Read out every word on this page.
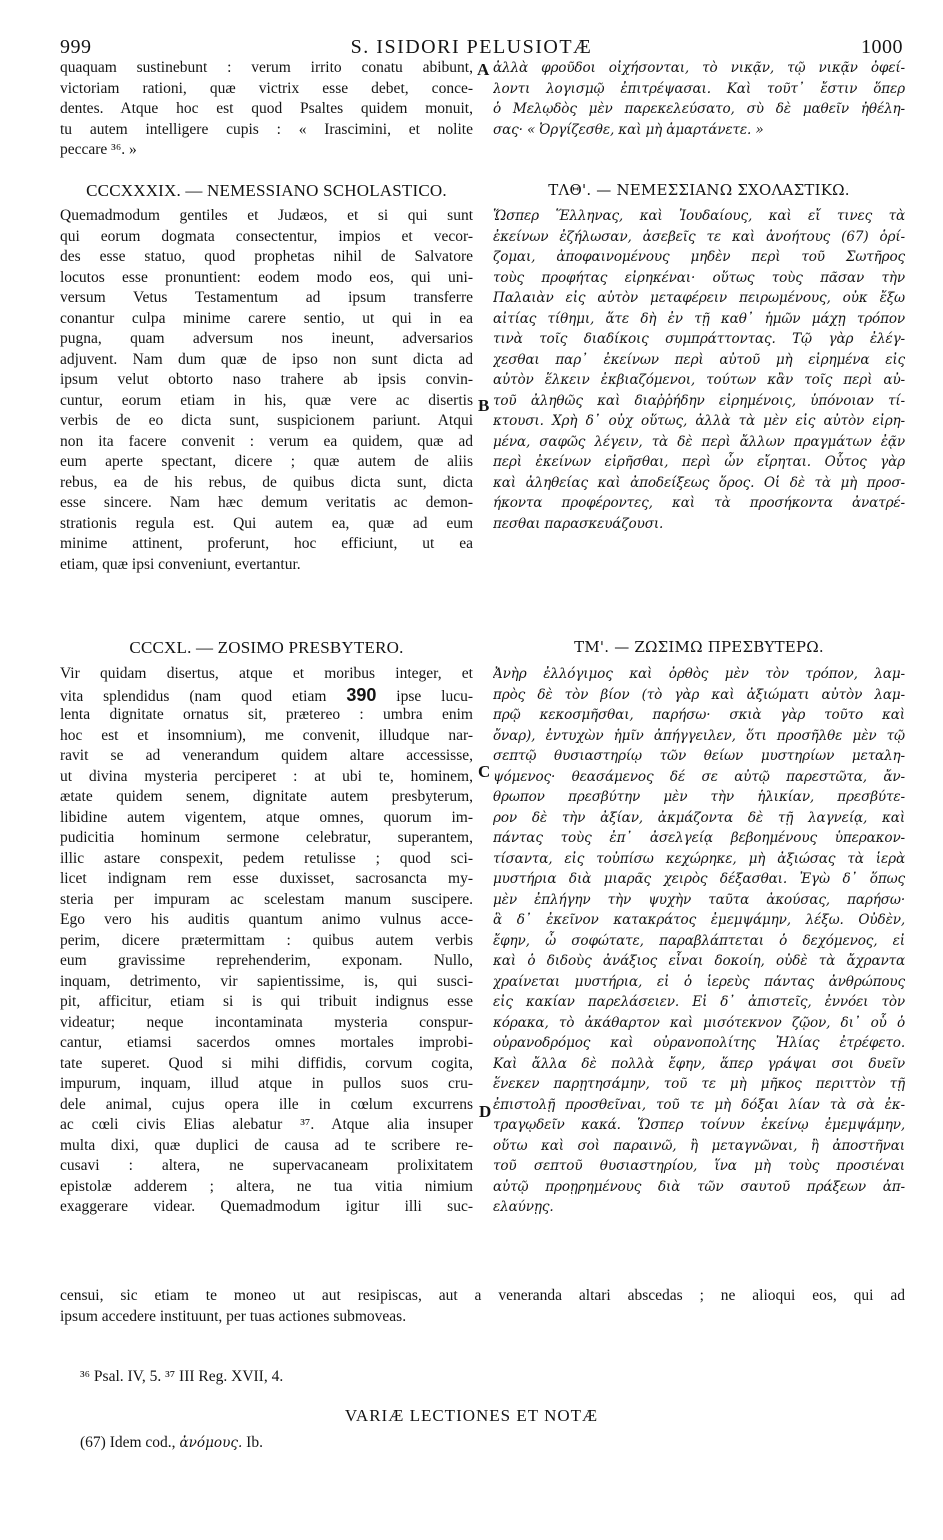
999	S. ISIDORI PELUSIOTÆ	1000
A
B
C
D
quaquam sustinebunt : verum irrito conatu abibunt,
victoriam rationi, quæ victrix esse debet, conce-
dentes. Atque hoc est quod Psaltes quidem monuit,
tu autem intelligere cupis : « Irascimini, et nolite
peccare ³⁶. »
ἀλλὰ φροῦδοι οἰχήσονται, τὸ νικᾷν, τῷ νικᾷν ὀφεί-
λοντι λογισμῷ ἐπιτρέψασαι. Καὶ τοῦτ᾽ ἔστιν ὅπερ
ὁ Μελῳδὸς μὲν παρεκελεύσατο, σὺ δὲ μαθεῖν ἠθέλη-
σας· « Ὀργίζεσθε, καὶ μὴ ἁμαρτάνετε. »
CCCXXXIX. — NEMESSIANO SCHOLASTICO.	ΤΛΘ'. — ΝΕΜΕΣΣΙΑΝΩ ΣΧΟΛΑΣΤΙΚΩ.
Quemadmodum gentiles et Judæos, et si qui sunt
qui eorum dogmata consectentur, impios et vecor-
des esse statuo, quod prophetas nihil de Salvatore
locutos esse pronuntient: eodem modo eos, qui uni-
versum Vetus Testamentum ad ipsum transferre
conantur culpa minime carere sentio, ut qui in ea
pugna, quam adversum nos ineunt, adversarios
adjuvent. Nam dum quæ de ipso non sunt dicta ad
ipsum velut obtorto naso trahere ab ipsis convin-
cuntur, eorum etiam in his, quæ vere ac disertis
verbis de eo dicta sunt, suspicionem pariunt. Atqui
non ita facere convenit : verum ea quidem, quæ ad
eum aperte spectant, dicere ; quæ autem de aliis
rebus, ea de his rebus, de quibus dicta sunt, dicta
esse sincere. Nam hæc demum veritatis ac demon-
strationis regula est. Qui autem ea, quæ ad eum
minime attinent, proferunt, hoc efficiunt, ut ea
etiam, quæ ipsi conveniunt, evertantur.
Ὥσπερ Ἕλληνας, καὶ Ἰουδαίους, καὶ εἴ τινες τὰ
ἐκείνων ἐζήλωσαν, ἀσεβεῖς τε καὶ ἀνοήτους (67) ὁρί-
ζομαι, ἀποφαινομένους μηδὲν περὶ τοῦ Σωτῆρος
τοὺς προφήτας εἰρηκέναι· οὕτως τοὺς πᾶσαν τὴν
Παλαιὰν εἰς αὐτὸν μεταφέρειν πειρωμένους, οὐκ ἔξω
αἰτίας τίθημι, ἅτε δὴ ἐν τῇ καθ᾽ ἡμῶν μάχῃ τρόπον
τινὰ τοῖς διαδίκοις συμπράττοντας. Τῷ γὰρ ἐλέγ-
χεσθαι παρ᾽ ἐκείνων περὶ αὐτοῦ μὴ εἰρημένα εἰς
αὐτὸν ἕλκειν ἐκβιαζόμενοι, τούτων κἂν τοῖς περὶ αὐ-
τοῦ ἀληθῶς καὶ διαῤῥήδην εἰρημένοις, ὑπόνοιαν τί-
κτουσι. Χρὴ δ᾽ οὐχ οὕτως, ἀλλὰ τὰ μὲν εἰς αὐτὸν εἰρη-
μένα, σαφῶς λέγειν, τὰ δὲ περὶ ἄλλων πραγμάτων ἐᾷν
περὶ ἐκείνων εἰρῆσθαι, περὶ ὧν εἴρηται. Οὗτος γὰρ
καὶ ἀληθείας καὶ ἀποδείξεως ὅρος. Οἱ δὲ τὰ μὴ προσ-
ήκοντα προφέροντες, καὶ τὰ προσήκοντα ἀνατρέ-
πεσθαι παρασκευάζουσι.
CCCXL. — ZOSIMO PRESBYTERO.	ΤΜ'. — ΖΩΣΙΜΩ ΠΡΕΣΒΥΤΕΡΩ.
Vir quidam disertus, atque et moribus integer, et
vita splendidus (nam quod etiam 390 ipse lucu-
lenta dignitate ornatus sit, prætereo : umbra enim
hoc est et insomnium), me convenit, illudque nar-
ravit se ad venerandum quidem altare accessisse,
ut divina mysteria perciperet : at ubi te, hominem,
ætate quidem senem, dignitate autem presbyterum,
libidine autem vigentem, atque omnes, quorum im-
pudicitia hominum sermone celebratur, superantem,
illic astare conspexit, pedem retulisse ; quod sci-
licet indignam rem esse duxisset, sacrosancta my-
steria per impuram ac scelestam manum suscipere.
Ego vero his auditis quantum animo vulnus acce-
perim, dicere prætermittam : quibus autem verbis
eum gravissime reprehenderim, exponam. Nullo,
inquam, detrimento, vir sapientissime, is, qui susci-
pit, afficitur, etiam si is qui tribuit indignus esse
videatur; neque incontaminata mysteria conspur-
cantur, etiamsi sacerdos omnes mortales improbi-
tate superet. Quod si mihi diffidis, corvum cogita,
impurum, inquam, illud atque in pullos suos cru-
dele animal, cujus opera ille in cœlum excurrens
ac cœli civis Elias alebatur ³⁷. Atque alia insuper
multa dixi, quæ duplici de causa ad te scribere re-
cusavi : altera, ne supervacaneam prolixitatem
epistolæ adderem ; altera, ne tua vitia nimium
exaggerare videar. Quemadmodum igitur illi suc-
Ἀνὴρ ἐλλόγιμος καὶ ὀρθὸς μὲν τὸν τρόπον, λαμ-
πρὸς δὲ τὸν βίον (τὸ γὰρ καὶ ἀξιώματι αὐτὸν λαμ-
πρῷ κεκοσμῆσθαι, παρήσω· σκιὰ γὰρ τοῦτο καὶ
ὄναρ), ἐντυχὼν ἡμῖν ἀπήγγειλεν, ὅτι προσῆλθε μὲν τῷ
σεπτῷ θυσιαστηρίῳ τῶν θείων μυστηρίων μεταλη-
ψόμενος· θεασάμενος δέ σε αὐτῷ παρεστῶτα, ἄν-
θρωπον πρεσβύτην μὲν τὴν ἡλικίαν, πρεσβύτε-
ρον δὲ τὴν ἀξίαν, ἀκμάζοντα δὲ τῇ λαγνείᾳ, καὶ
πάντας τοὺς ἐπ᾽ ἀσελγείᾳ βεβοημένους ὑπερακον-
τίσαντα, εἰς τοὐπίσω κεχώρηκε, μὴ ἀξιώσας τὰ ἱερὰ
μυστήρια διὰ μιαρᾶς χειρὸς δέξασθαι. Ἐγὼ δ᾽ ὅπως
μὲν ἐπλήγην τὴν ψυχὴν ταῦτα ἀκούσας, παρήσω·
ἃ δ᾽ ἐκεῖνον κατακράτος ἐμεμψάμην, λέξω. Οὐδὲν,
ἔφην, ὦ σοφώτατε, παραβλάπτεται ὁ δεχόμενος, εἰ
καὶ ὁ διδοὺς ἀνάξιος εἶναι δοκοίη, οὐδὲ τὰ ἄχραντα
χραίνεται μυστήρια, εἰ ὁ ἱερεὺς πάντας ἀνθρώπους
εἰς κακίαν παρελάσειεν. Εἰ δ᾽ ἀπιστεῖς, ἐννόει τὸν
κόρακα, τὸ ἀκάθαρτον καὶ μισότεκνον ζῷον, δι᾽ οὗ ὁ
οὐρανοδρόμος καὶ οὐρανοπολίτης Ἠλίας ἐτρέφετο.
Καὶ ἄλλα δὲ πολλὰ ἔφην, ἅπερ γράψαι σοι δυεῖν
ἕνεκεν παρῃτησάμην, τοῦ τε μὴ μῆκος περιττὸν τῇ
ἐπιστολῇ προσθεῖναι, τοῦ τε μὴ δόξαι λίαν τὰ σὰ ἐκ-
τραγῳδεῖν κακά. Ὥσπερ τοίνυν ἐκείνῳ ἐμεμψάμην,
οὕτω καὶ σοὶ παραινῶ, ἢ μεταγνῶναι, ἢ ἀποστῆναι
τοῦ σεπτοῦ θυσιαστηρίου, ἵνα μὴ τοὺς προσιέναι
αὐτῷ προῃρημένους διὰ τῶν σαυτοῦ πράξεων ἀπ-
ελαύνῃς.
censui, sic etiam te moneo ut aut resipiscas, aut a veneranda altari abscedas ; ne alioqui eos, qui ad
ipsum accedere instituunt, per tuas actiones submoveas.
³⁶ Psal. IV, 5. ³⁷ III Reg. XVII, 4.
VARIÆ LECTIONES ET NOTÆ
(67) Idem cod., ἀνόμους. Ib.
